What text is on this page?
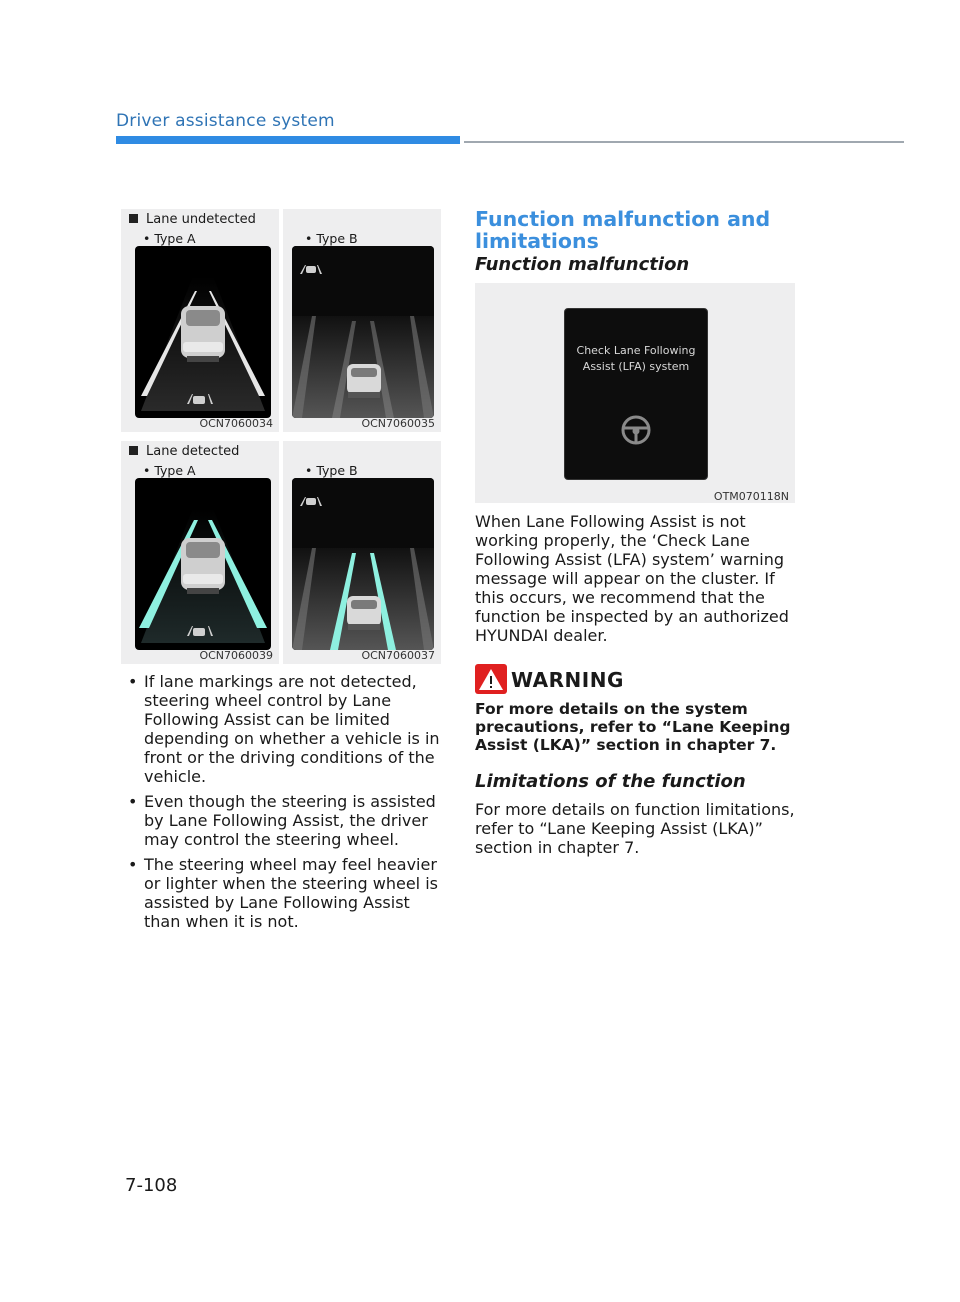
Driver assistance system
Lane undetected
• Type A
OCN7060034
• Type B
OCN7060035
Lane detected
• Type A
OCN7060039
• Type B
OCN7060037
• If lane markings are not detected, steering wheel control by Lane Following Assist can be limited depending on whether a vehicle is in front or the driving conditions of the vehicle.
• Even though the steering is assisted by Lane Following Assist, the driver may control the steering wheel.
• The steering wheel may feel heavier or lighter when the steering wheel is assisted by Lane Following Assist than when it is not.
Function malfunction and limitations
Function malfunction
Check Lane Following Assist (LFA) system
OTM070118N
When Lane Following Assist is not working properly, the ‘Check Lane Following Assist (LFA) system’ warning message will appear on the cluster. If this occurs, we recommend that the function be inspected by an authorized HYUNDAI dealer.
WARNING
For more details on the system precautions, refer to “Lane Keeping Assist (LKA)” section in chapter 7.
Limitations of the function
For more details on function limitations, refer to “Lane Keeping Assist (LKA)” section in chapter 7.
7-108
